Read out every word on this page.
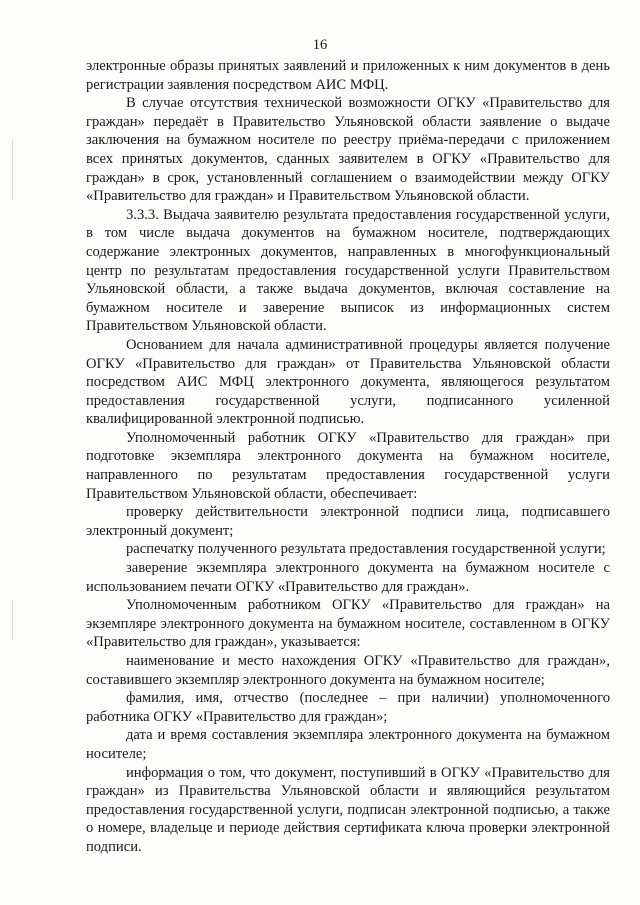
16

электронные образы принятых заявлений и приложенных к ним документов в день регистрации заявления посредством АИС МФЦ.

В случае отсутствия технической возможности ОГКУ «Правительство для граждан» передаёт в Правительство Ульяновской области заявление о выдаче заключения на бумажном носителе по реестру приёма-передачи с приложением всех принятых документов, сданных заявителем в ОГКУ «Правительство для граждан» в срок, установленный соглашением о взаимодействии между ОГКУ «Правительство для граждан» и Правительством Ульяновской области.

3.3.3. Выдача заявителю результата предоставления государственной услуги, в том числе выдача документов на бумажном носителе, подтверждающих содержание электронных документов, направленных в многофункциональный центр по результатам предоставления государственной услуги Правительством Ульяновской области, а также выдача документов, включая составление на бумажном носителе и заверение выписок из информационных систем Правительством Ульяновской области.

Основанием для начала административной процедуры является получение ОГКУ «Правительство для граждан» от Правительства Ульяновской области посредством АИС МФЦ электронного документа, являющегося результатом предоставления государственной услуги, подписанного усиленной квалифицированной электронной подписью.

Уполномоченный работник ОГКУ «Правительство для граждан» при подготовке экземпляра электронного документа на бумажном носителе, направленного по результатам предоставления государственной услуги Правительством Ульяновской области, обеспечивает:

проверку действительности электронной подписи лица, подписавшего электронный документ;

распечатку полученного результата предоставления государственной услуги;

заверение экземпляра электронного документа на бумажном носителе с использованием печати ОГКУ «Правительство для граждан».

Уполномоченным работником ОГКУ «Правительство для граждан» на экземпляре электронного документа на бумажном носителе, составленном в ОГКУ «Правительство для граждан», указывается:

наименование и место нахождения ОГКУ «Правительство для граждан», составившего экземпляр электронного документа на бумажном носителе;

фамилия, имя, отчество (последнее – при наличии) уполномоченного работника ОГКУ «Правительство для граждан»;

дата и время составления экземпляра электронного документа на бумажном носителе;

информация о том, что документ, поступивший в ОГКУ «Правительство для граждан» из Правительства Ульяновской области и являющийся результатом предоставления государственной услуги, подписан электронной подписью, а также о номере, владельце и периоде действия сертификата ключа проверки электронной подписи.
